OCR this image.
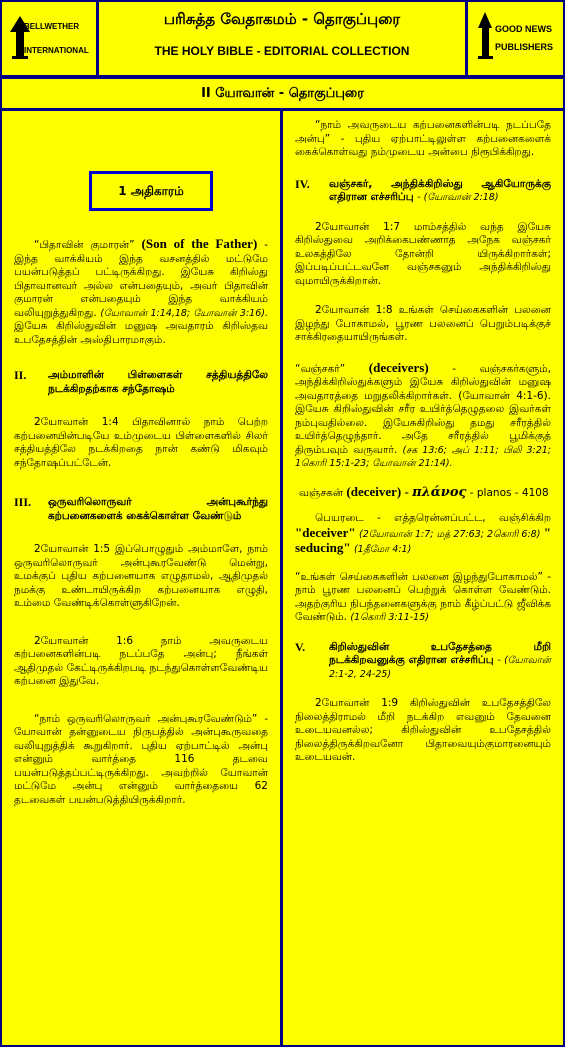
BELLWETHER
INTERNATIONAL
பரிசுத்த வேதாகமம் - தொகுப்புரை
THE HOLY BIBLE - EDITORIAL COLLECTION
GOOD NEWS
PUBLISHERS
II யோவான் - தொகுப்புரை
1 அதிகாரம்

“பிதாவின் குமாரன்” (Son of the Father) - இந்த வாக்கியம் இந்த வசனத்தில் மட்டுமே பயன்படுத்தப் பட்டிருக்கிறது. இயேசு கிறிஸ்து பிதாவானவர் அல்ல என்பதையும், அவர் பிதாவின் குமாரன் என்பதையும் இந்த வாக்கியம் வலியுறுத்துகிறது. (யோவான் 1:14,18; யோவான் 3:16). இயேசு கிறிஸ்துவின் மனுஷ அவதாரம் கிறிஸ்தவ உபதேசத்தின் அஸ்திபாரமாகும்.

II.	அம்மாளின் பிள்ளைகள் சத்தியத்திலே நடக்கிறதற்காக சந்தோஷம்

2யோவான் 1:4 பிதாவினால் நாம் பெற்ற கற்பனையின்படியே உம்முடைய பிள்ளைகளில் சிலர் சத்தியத்திலே நடக்கிறதை நான் கண்டு மிகவும் சந்தோஷப்பட்டேன்.

III.	ஒருவரிலொருவர் அன்புகூர்ந்து கற்பனைகளைக் கைக்கொள்ள வேண்டும்

2யோவான் 1:5 இப்பொழுதும் அம்மாளே, நாம் ஒருவரிலொருவர் அன்புகூரவேண்டு மென்று, உமக்குப் புதிய கற்பனையாக எழுதாமல், ஆதிமுதல் நமக்கு உண்டாயிருக்கிற கற்பனையாக எழுதி, உம்மை வேண்டிக்கொள்ளுகிறேன்.

2யோவான் 1:6 நாம் அவருடைய கற்பனைகளின்படி நடப்பதே அன்பு; நீங்கள் ஆதிமுதல் கேட்டிருக்கிறபடி நடந்துகொள்ளவேண்டிய கற்பனை இதுவே.

“நாம் ஒருவரிலொருவர் அன்புகூரவேண்டும்” - யோவான் தன்னுடைய நிருபத்தில் அன்புகூருவதை வலியுறுத்திக் கூறுகிறார். புதிய ஏற்பாட்டில் அன்பு என்னும் வார்த்தை 116 தடவை பயன்படுத்தப்பட்டிருக்கிறது. அவற்றில் யோவான் மட்டுமே அன்பு என்னும் வார்த்தையை 62 தடவைகள் பயன்படுத்தியிருக்கிறார்.

“நாம் அவருடைய கற்பனைகளின்படி நடப்பதே அன்பு” - புதிய ஏற்பாட்டிலுள்ள கற்பனைகளைக் கைக்கொள்வது நம்முடைய அன்பை நிரூபிக்கிறது.

IV.	வஞ்சகர், அந்திக்கிறிஸ்து ஆகியோருக்கு எதிரான எச்சரிப்பு - (யோவான் 2:18)

2யோவான் 1:7 மாம்சத்தில் வந்த இயேசு கிறிஸ்துவை அறிக்கைபண்ணாத அநேக வஞ்சகர் உலகத்திலே தோன்றி யிருக்கிறார்கள்; இப்படிப்பட்டவனே வஞ்சகனும் அந்திக்கிறிஸ்து வுமாயிருக்கிறான்.

2யோவான் 1:8 உங்கள் செய்கைகளின் பலனை இழந்து போகாமல், பூரண பலனைப் பெறும்படிக்குச் சாக்கிரதையாயிருங்கள்.

“வஞ்சகர்” (deceivers) - வஞ்சகர்களும், அந்திக்கிறிஸ்துக்களும் இயேசு கிறிஸ்துவின் மனுஷ அவதாரத்தை மறுதலிக்கிறார்கள். (யோவான் 4:1-6). இயேசு கிறிஸ்துவின் சரீர உயிர்த்தெழுதலை இவர்கள் நம்புவதில்லை. இயேசுகிறிஸ்து தமது சரீரத்தில் உயிர்த்தெழுந்தார். அதே சரீரத்தில் பூமிக்குத் திரும்பவும் வருவார். (சக 13:6; அப் 1:11; பிலி 3:21; 1கொரி 15:1-23; யோவான் 21:14).

வஞ்சகன் (deceiver) - πλάνος - planos - 4108

பெயரடை - எத்தரென்னப்பட்ட, வஞ்சிக்கிற "deceiver" (2யோவான் 1:7; மத் 27:63; 2கொரி 6:8) " seducing" (1தீமோ 4:1)

“உங்கள் செய்கைகளின் பலனை இழந்துபோகாமல்” - நாம் பூரண பலனைப் பெற்றுக் கொள்ள வேண்டும். அதற்குரிய நிபந்தனைகளுக்கு நாம் கீழ்ப்பட்டு ஜீவிக்க வேண்டும். (1கொரி 3:11-15)

V.	கிறிஸ்துவின் உபதேசத்தை மீறி நடக்கிறவனுக்கு எதிரான எச்சரிப்பு - (யோவான் 2:1-2, 24-25)

2யோவான் 1:9 கிறிஸ்துவின் உபதேசத்திலே நிலைத்திராமல் மீறி நடக்கிற எவனும் தேவனை உடையவனல்ல; கிறிஸ்துவின் உபதேசத்தில் நிலைத்திருக்கிறவனோ பிதாவையும்குமாரனையும் உடையவன்.
